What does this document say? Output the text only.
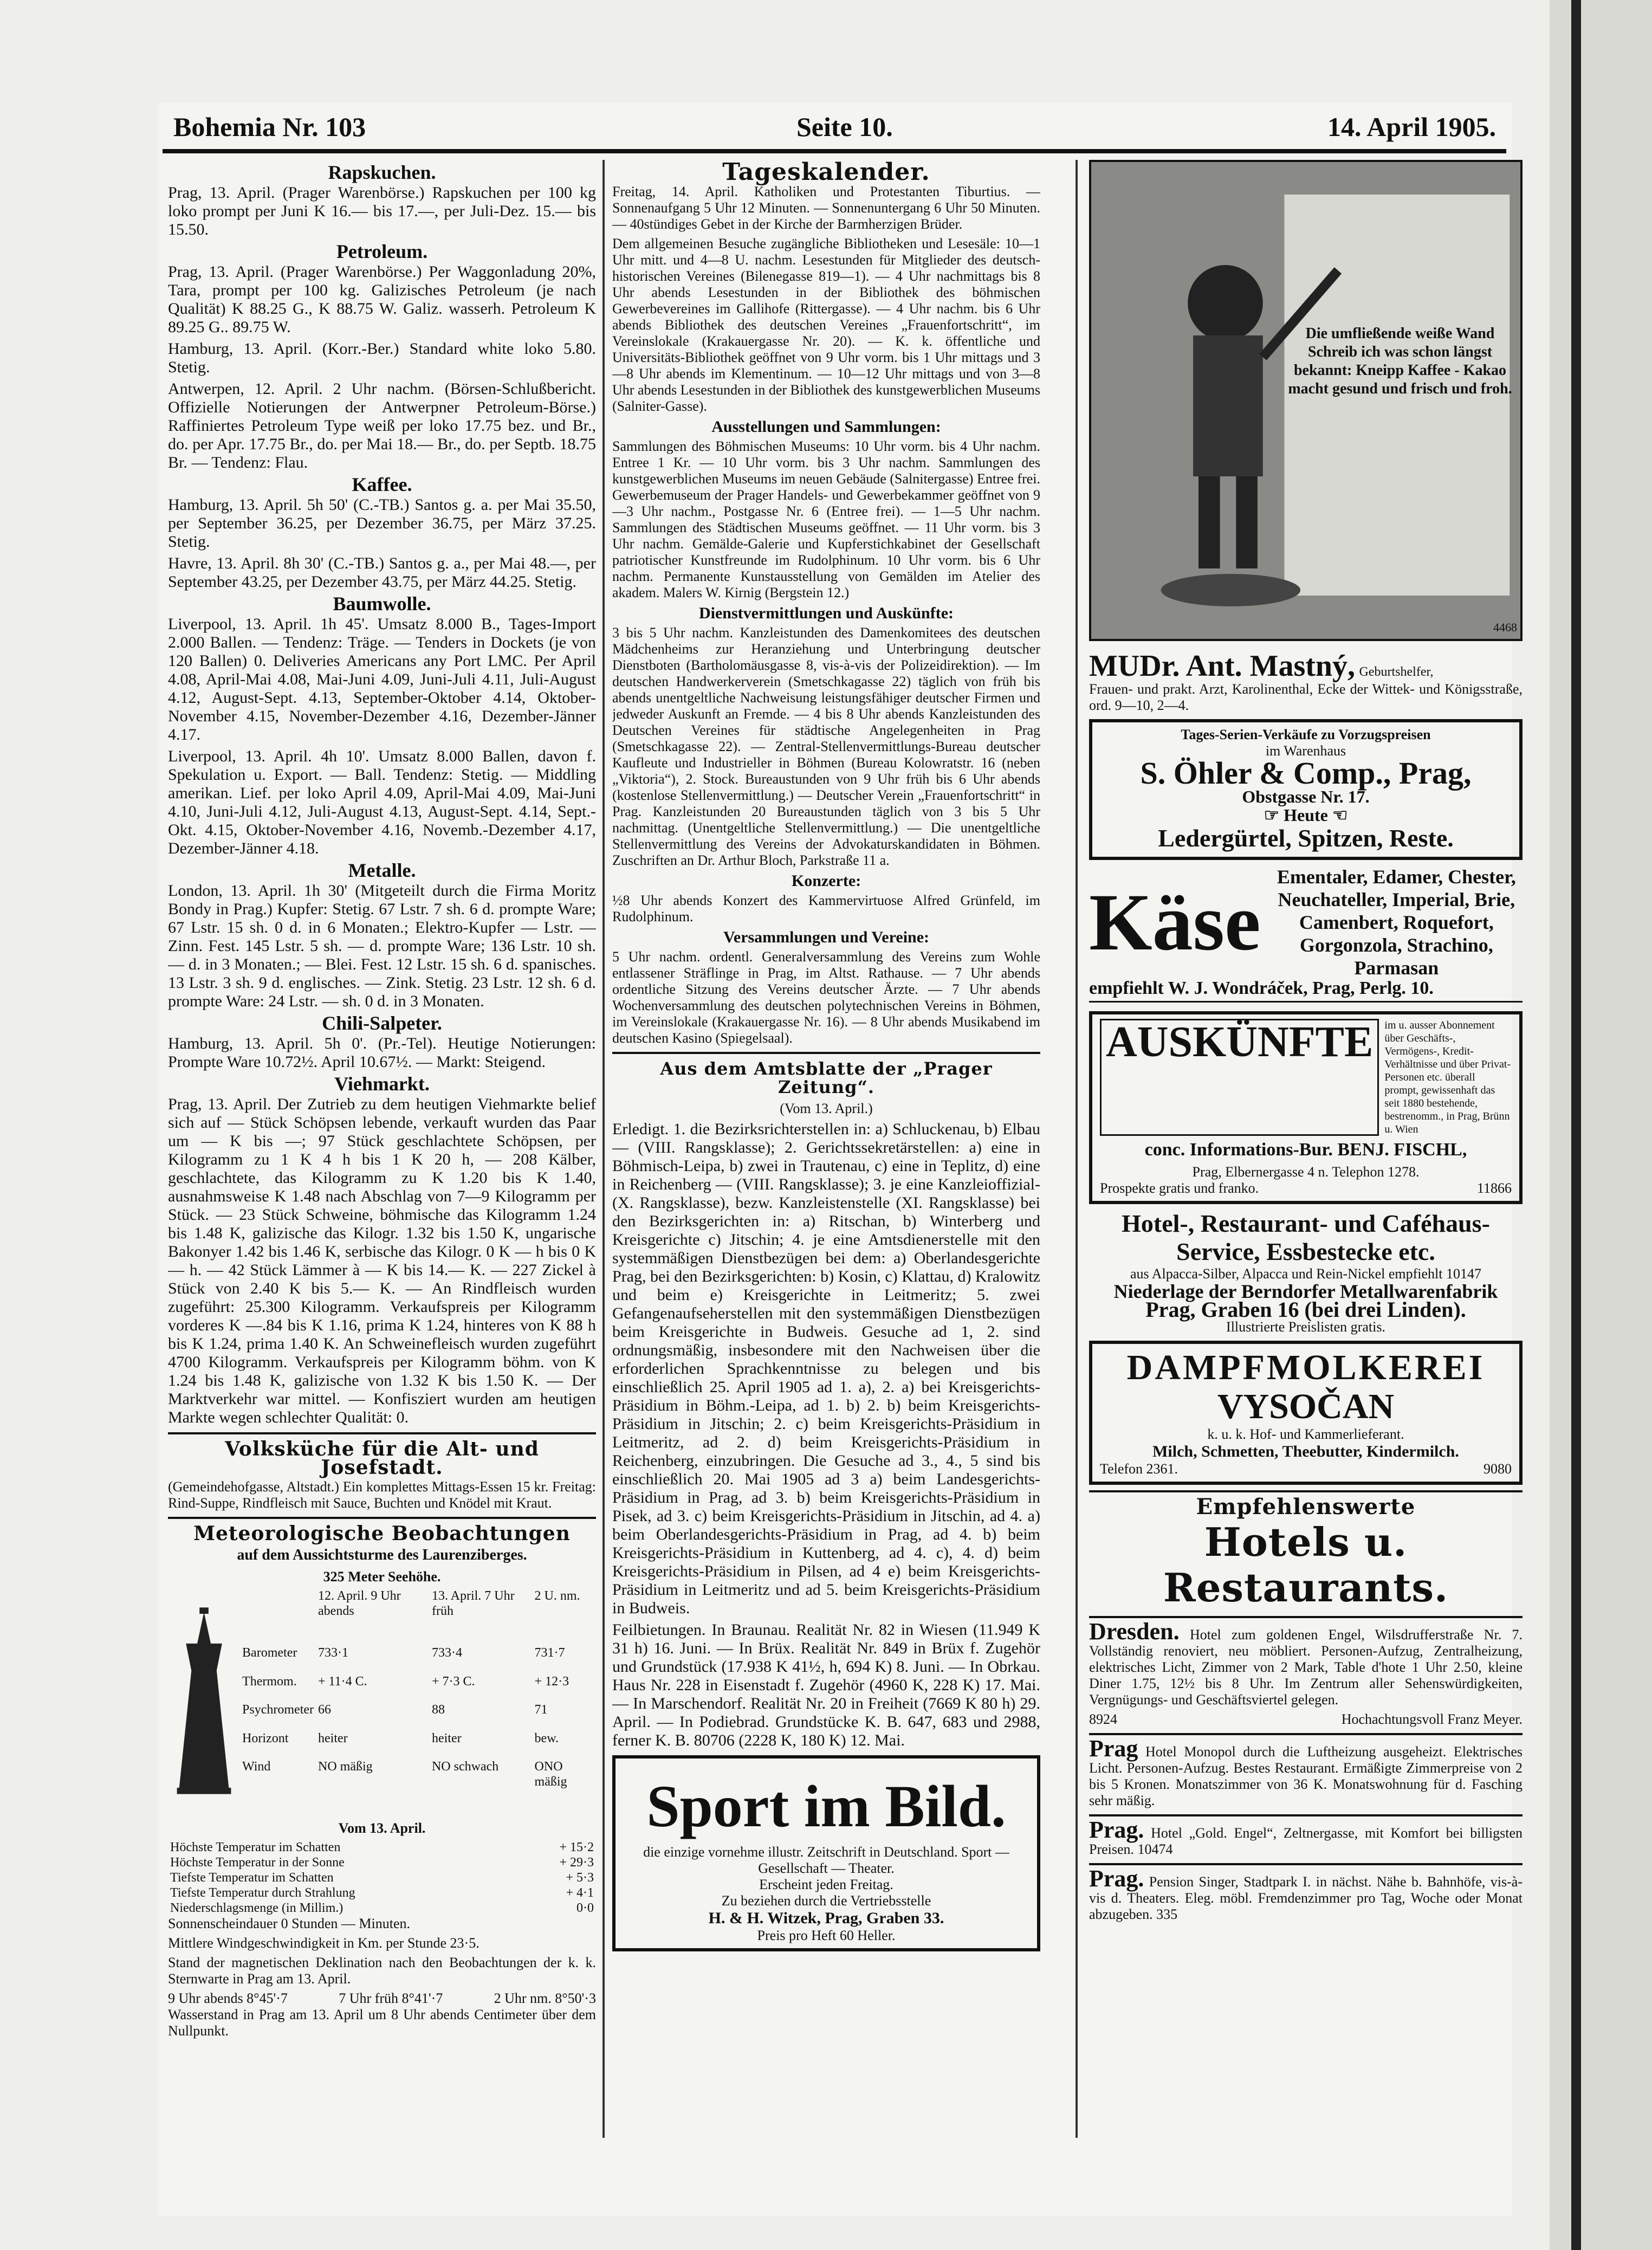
Bohemia Nr. 103	Seite 10.	14. April 1905.
Rapskuchen.

Prag, 13. April. (Prager Warenbörse.) Rapskuchen per 100 kg loko prompt per Juni K 16.— bis 17.—, per Juli-Dez. 15.— bis 15.50.

Petroleum.

Prag, 13. April. (Prager Warenbörse.) Per Waggonladung 20%, Tara, prompt per 100 kg. Galizisches Petroleum (je nach Qualität) K 88.25 G., K 88.75 W. Galiz. wasserh. Petroleum K 89.25 G.. 89.75 W.

Hamburg, 13. April. (Korr.-Ber.) Standard white loko 5.80. Stetig.

Antwerpen, 12. April. 2 Uhr nachm. (Börsen-Schlußbericht. Offizielle Notierungen der Antwerpner Petroleum-Börse.) Raffiniertes Petroleum Type weiß per loko 17.75 bez. und Br., do. per Apr. 17.75 Br., do. per Mai 18.— Br., do. per Septb. 18.75 Br. — Tendenz: Flau.

Kaffee.

Hamburg, 13. April. 5h 50' (C.-TB.) Santos g. a. per Mai 35.50, per September 36.25, per Dezember 36.75, per März 37.25. Stetig.

Havre, 13. April. 8h 30' (C.-TB.) Santos g. a., per Mai 48.—, per September 43.25, per Dezember 43.75, per März 44.25. Stetig.

Baumwolle.

Liverpool, 13. April. 1h 45'. Umsatz 8.000 B., Tages-Import 2.000 Ballen. — Tendenz: Träge. — Tenders in Dockets (je von 120 Ballen) 0. Deliveries Americans any Port LMC. Per April 4.08, April-Mai 4.08, Mai-Juni 4.09, Juni-Juli 4.11, Juli-August 4.12, August-Sept. 4.13, September-Oktober 4.14, Oktober-November 4.15, November-Dezember 4.16, Dezember-Jänner 4.17.

Liverpool, 13. April. 4h 10'. Umsatz 8.000 Ballen, davon f. Spekulation u. Export. — Ball. Tendenz: Stetig. — Middling amerikan. Lief. per loko April 4.09, April-Mai 4.09, Mai-Juni 4.10, Juni-Juli 4.12, Juli-August 4.13, August-Sept. 4.14, Sept.-Okt. 4.15, Oktober-November 4.16, Novemb.-Dezember 4.17, Dezember-Jänner 4.18.

Metalle.

London, 13. April. 1h 30' (Mitgeteilt durch die Firma Moritz Bondy in Prag.) Kupfer: Stetig. 67 Lstr. 7 sh. 6 d. prompte Ware; 67 Lstr. 15 sh. 0 d. in 6 Monaten.; Elektro-Kupfer — Lstr. — Zinn. Fest. 145 Lstr. 5 sh. — d. prompte Ware; 136 Lstr. 10 sh. — d. in 3 Monaten.; — Blei. Fest. 12 Lstr. 15 sh. 6 d. spanisches. 13 Lstr. 3 sh. 9 d. englisches. — Zink. Stetig. 23 Lstr. 12 sh. 6 d. prompte Ware: 24 Lstr. — sh. 0 d. in 3 Monaten.

Chili-Salpeter.

Hamburg, 13. April. 5h 0'. (Pr.-Tel). Heutige Notierungen: Prompte Ware 10.72½. April 10.67½. — Markt: Steigend.

Viehmarkt.

Prag, 13. April. Der Zutrieb zu dem heutigen Viehmarkte belief sich auf — Stück Schöpsen lebende, verkauft wurden das Paar um — K bis —; 97 Stück geschlachtete Schöpsen, per Kilogramm zu 1 K 4 h bis 1 K 20 h, — 208 Kälber, geschlachtete, das Kilogramm zu K 1.20 bis K 1.40, ausnahmsweise K 1.48 nach Abschlag von 7—9 Kilogramm per Stück. — 23 Stück Schweine, böhmische das Kilogramm 1.24 bis 1.48 K, galizische das Kilogr. 1.32 bis 1.50 K, ungarische Bakonyer 1.42 bis 1.46 K, serbische das Kilogr. 0 K — h bis 0 K — h. — 42 Stück Lämmer à — K bis 14.— K. — 227 Zickel à Stück von 2.40 K bis 5.— K. — An Rindfleisch wurden zugeführt: 25.300 Kilogramm. Verkaufspreis per Kilogramm vorderes K —.84 bis K 1.16, prima K 1.24, hinteres von K 88 h bis K 1.24, prima 1.40 K. An Schweinefleisch wurden zugeführt 4700 Kilogramm. Verkaufspreis per Kilogramm böhm. von K 1.24 bis 1.48 K, galizische von 1.32 K bis 1.50 K. — Der Marktverkehr war mittel. — Konfisziert wurden am heutigen Markte wegen schlechter Qualität: 0.

Volksküche für die Alt- und Josefstadt.

(Gemeindehofgasse, Altstadt.) Ein komplettes Mittags-Essen 15 kr. Freitag: Rind-Suppe, Rindfleisch mit Sauce, Buchten und Knödel mit Kraut.

Meteorologische Beobachtungen
auf dem Aussichtsturme des Laurenziberges.
325 Meter Seehöhe.
	12. April. 9 Uhr abends	13. April. 7 Uhr früh	2 U. nm.
Barometer	733·1	733·4	731·7
Thermom.	+ 11·4 C.	+ 7·3 C.	+ 12·3
Psychrometer	66	88	71
Horizont	heiter	heiter	bew.
Wind	NO mäßig	NO schwach	ONO mäßig
Vom 13. April.
Höchste Temperatur im Schatten	+ 15·2
Höchste Temperatur in der Sonne	+ 29·3
Tiefste Temperatur im Schatten	+ 5·3
Tiefste Temperatur durch Strahlung	+ 4·1
Niederschlagsmenge (in Millim.)	0·0

Sonnenscheindauer 0 Stunden — Minuten.

Mittlere Windgeschwindigkeit in Km. per Stunde 23·5.

Stand der magnetischen Deklination nach den Beobachtungen der k. k. Sternwarte in Prag am 13. April.

9 Uhr abends 8°45'·7	7 Uhr früh 8°41'·7	2 Uhr nm. 8°50'·3

Wasserstand in Prag am 13. April um 8 Uhr abends Centimeter über dem Nullpunkt.

Tageskalender.

Freitag, 14. April. Katholiken und Protestanten Tiburtius. — Sonnenaufgang 5 Uhr 12 Minuten. — Sonnenuntergang 6 Uhr 50 Minuten. — 40stündiges Gebet in der Kirche der Barmherzigen Brüder.

Dem allgemeinen Besuche zugängliche Bibliotheken und Lesesäle: 10—1 Uhr mitt. und 4—8 U. nachm. Lesestunden für Mitglieder des deutsch-historischen Vereines (Bilenegasse 819—1). — 4 Uhr nachmittags bis 8 Uhr abends Lesestunden in der Bibliothek des böhmischen Gewerbevereines im Gallihofe (Rittergasse). — 4 Uhr nachm. bis 6 Uhr abends Bibliothek des deutschen Vereines „Frauenfortschritt“, im Vereinslokale (Krakauergasse Nr. 20). — K. k. öffentliche und Universitäts-Bibliothek geöffnet von 9 Uhr vorm. bis 1 Uhr mittags und 3—8 Uhr abends im Klementinum. — 10—12 Uhr mittags und von 3—8 Uhr abends Lesestunden in der Bibliothek des kunstgewerblichen Museums (Salniter-Gasse).

Ausstellungen und Sammlungen:

Sammlungen des Böhmischen Museums: 10 Uhr vorm. bis 4 Uhr nachm. Entree 1 Kr. — 10 Uhr vorm. bis 3 Uhr nachm. Sammlungen des kunstgewerblichen Museums im neuen Gebäude (Salnitergasse) Entree frei. Gewerbemuseum der Prager Handels- und Gewerbekammer geöffnet von 9—3 Uhr nachm., Postgasse Nr. 6 (Entree frei). — 1—5 Uhr nachm. Sammlungen des Städtischen Museums geöffnet. — 11 Uhr vorm. bis 3 Uhr nachm. Gemälde-Galerie und Kupferstichkabinet der Gesellschaft patriotischer Kunstfreunde im Rudolphinum. 10 Uhr vorm. bis 6 Uhr nachm. Permanente Kunstausstellung von Gemälden im Atelier des akadem. Malers W. Kirnig (Bergstein 12.)

Dienstvermittlungen und Auskünfte:

3 bis 5 Uhr nachm. Kanzleistunden des Damenkomitees des deutschen Mädchenheims zur Heranziehung und Unterbringung deutscher Dienstboten (Bartholomäusgasse 8, vis-à-vis der Polizeidirektion). — Im deutschen Handwerkerverein (Smetschkagasse 22) täglich von früh bis abends unentgeltliche Nachweisung leistungsfähiger deutscher Firmen und jedweder Auskunft an Fremde. — 4 bis 8 Uhr abends Kanzleistunden des Deutschen Vereines für städtische Angelegenheiten in Prag (Smetschkagasse 22). — Zentral-Stellenvermittlungs-Bureau deutscher Kaufleute und Industrieller in Böhmen (Bureau Kolowratstr. 16 (neben „Viktoria“), 2. Stock. Bureaustunden von 9 Uhr früh bis 6 Uhr abends (kostenlose Stellenvermittlung.) — Deutscher Verein „Frauenfortschritt“ in Prag. Kanzleistunden 20 Bureaustunden täglich von 3 bis 5 Uhr nachmittag. (Unentgeltliche Stellenvermittlung.) — Die unentgeltliche Stellenvermittlung des Vereins der Advokaturskandidaten in Böhmen. Zuschriften an Dr. Arthur Bloch, Parkstraße 11 a.

Konzerte:

½8 Uhr abends Konzert des Kammervirtuose Alfred Grünfeld, im Rudolphinum.

Versammlungen und Vereine:

5 Uhr nachm. ordentl. Generalversammlung des Vereins zum Wohle entlassener Sträflinge in Prag, im Altst. Rathause. — 7 Uhr abends ordentliche Sitzung des Vereins deutscher Ärzte. — 7 Uhr abends Wochenversammlung des deutschen polytechnischen Vereins in Böhmen, im Vereinslokale (Krakauergasse Nr. 16). — 8 Uhr abends Musikabend im deutschen Kasino (Spiegelsaal).

Aus dem Amtsblatte der „Prager Zeitung“.
(Vom 13. April.)

Erledigt. 1. die Bezirksrichterstellen in: a) Schluckenau, b) Elbau — (VIII. Rangsklasse); 2. Gerichtssekretärstellen: a) eine in Böhmisch-Leipa, b) zwei in Trautenau, c) eine in Teplitz, d) eine in Reichenberg — (VIII. Rangsklasse); 3. je eine Kanzleioffizial- (X. Rangsklasse), bezw. Kanzleistenstelle (XI. Rangsklasse) bei den Bezirksgerichten in: a) Ritschan, b) Winterberg und Kreisgerichte c) Jitschin; 4. je eine Amtsdienerstelle mit den systemmäßigen Dienstbezügen bei dem: a) Oberlandesgerichte Prag, bei den Bezirksgerichten: b) Kosin, c) Klattau, d) Kralowitz und beim e) Kreisgerichte in Leitmeritz; 5. zwei Gefangenaufseherstellen mit den systemmäßigen Dienstbezügen beim Kreisgerichte in Budweis. Gesuche ad 1, 2. sind ordnungsmäßig, insbesondere mit den Nachweisen über die erforderlichen Sprachkenntnisse zu belegen und bis einschließlich 25. April 1905 ad 1. a), 2. a) bei Kreisgerichts-Präsidium in Böhm.-Leipa, ad 1. b) 2. b) beim Kreisgerichts-Präsidium in Jitschin; 2. c) beim Kreisgerichts-Präsidium in Leitmeritz, ad 2. d) beim Kreisgerichts-Präsidium in Reichenberg, einzubringen. Die Gesuche ad 3., 4., 5 sind bis einschließlich 20. Mai 1905 ad 3 a) beim Landesgerichts-Präsidium in Prag, ad 3. b) beim Kreisgerichts-Präsidium in Pisek, ad 3. c) beim Kreisgerichts-Präsidium in Jitschin, ad 4. a) beim Oberlandesgerichts-Präsidium in Prag, ad 4. b) beim Kreisgerichts-Präsidium in Kuttenberg, ad 4. c), 4. d) beim Kreisgerichts-Präsidium in Pilsen, ad 4 e) beim Kreisgerichts-Präsidium in Leitmeritz und ad 5. beim Kreisgerichts-Präsidium in Budweis.

Feilbietungen. In Braunau. Realität Nr. 82 in Wiesen (11.949 K 31 h) 16. Juni. — In Brüx. Realität Nr. 849 in Brüx f. Zugehör und Grundstück (17.938 K 41½, h, 694 K) 8. Juni. — In Obrkau. Haus Nr. 228 in Eisenstadt f. Zugehör (4960 K, 228 K) 17. Mai. — In Marschendorf. Realität Nr. 20 in Freiheit (7669 K 80 h) 29. April. — In Podiebrad. Grundstücke K. B. 647, 683 und 2988, ferner K. B. 80706 (2228 K, 180 K) 12. Mai.

Sport im Bild.
die einzige vornehme illustr. Zeitschrift in Deutschland. Sport — Gesellschaft — Theater.
Erscheint jeden Freitag.
Zu beziehen durch die Vertriebsstelle
H. & H. Witzek, Prag, Graben 33.
Preis pro Heft 60 Heller.
Die umfließende weiße Wand Schreib ich was schon längst bekannt: Kneipp Kaffee - Kakao macht gesund und frisch und froh.
4468
MUDr. Ant. Mastný, Geburtshelfer,

Frauen- und prakt. Arzt, Karolinenthal, Ecke der Wittek- und Königsstraße, ord. 9—10, 2—4.

Tages-Serien-Verkäufe zu Vorzugspreisen
im Warenhaus
S. Öhler & Comp., Prag,
Obstgasse Nr. 17.
☞ Heute ☜
Ledergürtel, Spitzen, Reste.
Käse
Ementaler, Edamer, Chester, Neuchateller, Imperial, Brie, Camenbert, Roquefort, Gorgonzola, Strachino, Parmasan
empfiehlt W. J. Wondráček, Prag, Perlg. 10.
AUSKÜNFTE	im u. ausser Abonnement über Geschäfts-, Vermögens-, Kredit-Verhältnisse und über Privat-Personen etc. überall prompt, gewissenhaft das seit 1880 bestehende, bestrenomm., in Prag, Brünn u. Wien
conc. Informations-Bur. BENJ. FISCHL,
Prag, Elbernergasse 4 n. Telephon 1278.
Prospekte gratis und franko.	11866
Hotel-, Restaurant- und Caféhaus-
Service, Essbestecke etc.
aus Alpacca-Silber, Alpacca und Rein-Nickel empfiehlt 10147
Niederlage der Berndorfer Metallwarenfabrik
Prag, Graben 16 (bei drei Linden).
Illustrierte Preislisten gratis.
DAMPFMOLKEREI
VYSOČAN
k. u. k. Hof- und Kammerlieferant.
Milch, Schmetten, Theebutter, Kindermilch.
Telefon 2361.	9080
Empfehlenswerte
Hotels u. Restaurants.

Dresden. Hotel zum goldenen Engel, Wilsdrufferstraße Nr. 7. Vollständig renoviert, neu möbliert. Personen-Aufzug, Zentralheizung, elektrisches Licht, Zimmer von 2 Mark, Table d'hote 1 Uhr 2.50, kleine Diner 1.75, 12½ bis 8 Uhr. Im Zentrum aller Sehenswürdigkeiten, Vergnügungs- und Geschäftsviertel gelegen.

8924	Hochachtungsvoll Franz Meyer.

Prag Hotel Monopol durch die Luftheizung ausgeheizt. Elektrisches Licht. Personen-Aufzug. Bestes Restaurant. Ermäßigte Zimmerpreise von 2 bis 5 Kronen. Monatszimmer von 36 K. Monatswohnung für d. Fasching sehr mäßig.

Prag. Hotel „Gold. Engel“, Zeltnergasse, mit Komfort bei billigsten Preisen. 10474

Prag. Pension Singer, Stadtpark I. in nächst. Nähe b. Bahnhöfe, vis-à-vis d. Theaters. Eleg. möbl. Fremdenzimmer pro Tag, Woche oder Monat abzugeben. 335
